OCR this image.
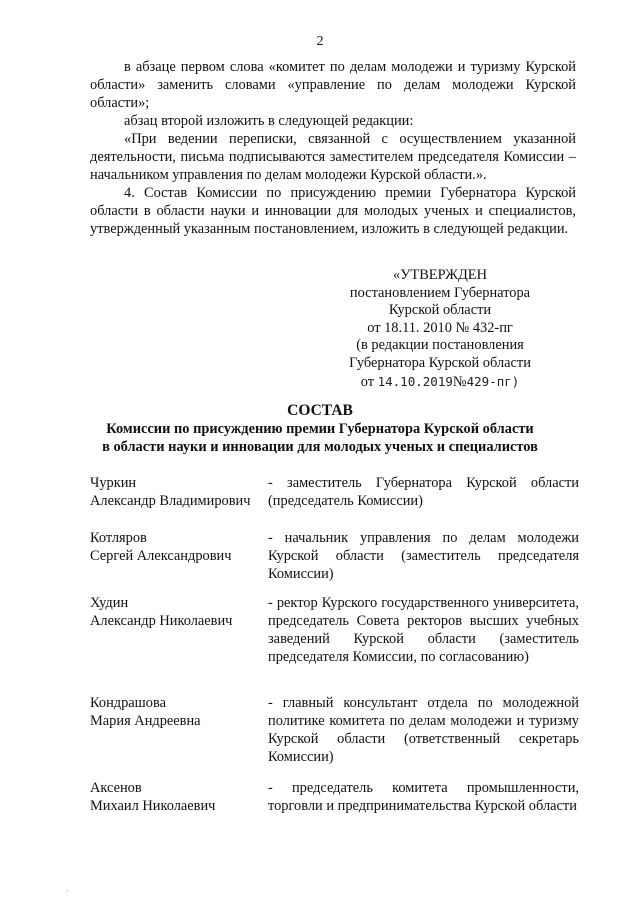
2

в абзаце первом слова «комитет по делам молодежи и туризму Курской области» заменить словами «управление по делам молодежи Курской области»;

абзац второй изложить в следующей редакции:

«При ведении переписки, связанной с осуществлением указанной деятельности, письма подписываются заместителем председателя Комиссии – начальником управления по делам молодежи Курской области.».

4. Состав Комиссии по присуждению премии Губернатора Курской области в области науки и инновации для молодых ученых и специалистов, утвержденный указанным постановлением, изложить в следующей редакции.

«УТВЕРЖДЕН
постановлением Губернатора
Курской области
от 18.11. 2010 № 432-пг
(в редакции постановления
Губернатора Курской области
от 14.10.2019№429-пг)
СОСТАВ
Комиссии по присуждению премии Губернатора Курской области
в области науки и инновации для молодых ученых и специалистов
Чуркин
Александр Владимирович
- заместитель Губернатора Курской области (председатель Комиссии)
Котляров
Сергей Александрович
- начальник управления по делам молодежи Курской области (заместитель председателя Комиссии)
Худин
Александр Николаевич
- ректор Курского государственного университета, председатель Совета ректоров высших учебных заведений Курской области (заместитель председателя Комиссии, по согласованию)
Кондрашова
Мария Андреевна
- главный консультант отдела по молодежной политике комитета по делам молодежи и туризму Курской области (ответственный секретарь Комиссии)
Аксенов
Михаил Николаевич
- председатель комитета промышленности, торговли и предпринимательства Курской области
‘
